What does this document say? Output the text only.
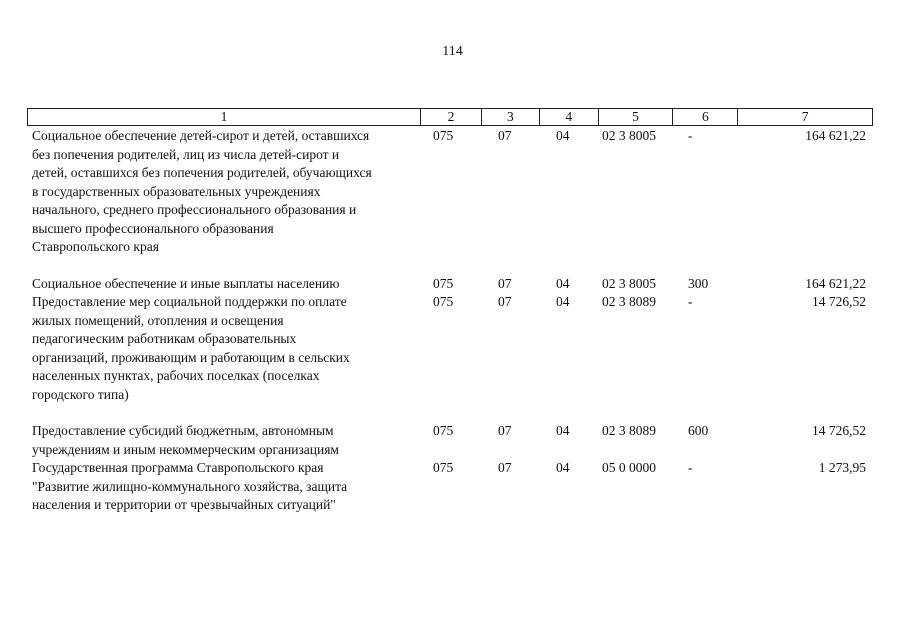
114
1	2	3	4	5	6	7
Социальное обеспечение детей-сирот и детей, оставшихся
без попечения родителей, лиц из числа детей-сирот и
детей, оставшихся без попечения родителей, обучающихся
в государственных образовательных учреждениях
начального, среднего профессионального образования и
высшего профессионального образования
Ставропольского края
075	07	04	02 3 8005	-	164 621,22
Социальное обеспечение и иные выплаты населению	075	07	04	02 3 8005	300	164 621,22
Предоставление мер социальной поддержки по оплате
жилых помещений, отопления и освещения
педагогическим работникам образовательных
организаций, проживающим и работающим в сельских
населенных пунктах, рабочих поселках (поселках
городского типа)
075	07	04	02 3 8089	-	14 726,52
Предоставление субсидий бюджетным, автономным
учреждениям и иным некоммерческим организациям
075	07	04	02 3 8089	600	14 726,52
Государственная программа Ставропольского края
"Развитие жилищно-коммунального хозяйства, защита
населения и территории от чрезвычайных ситуаций"
075	07	04	05 0 0000	-	1 273,95
